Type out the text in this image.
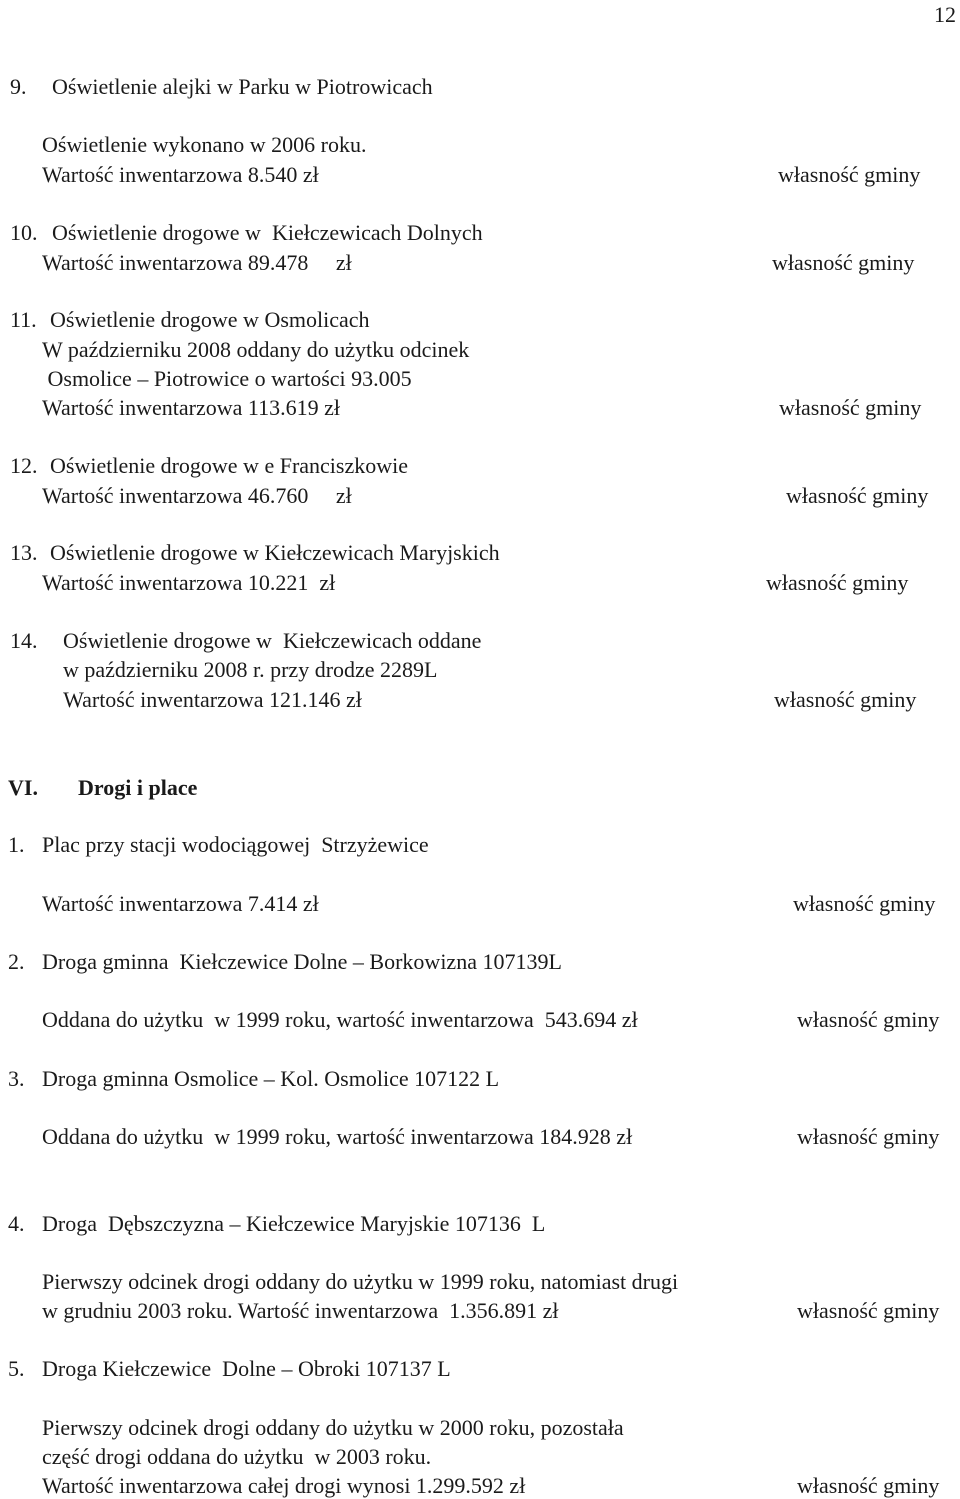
12
9. Oświetlenie alejki w Parku w Piotrowicach
Oświetlenie wykonano w 2006 roku.
Wartość inwentarzowa 8.540 zł	własność gminy
10. Oświetlenie drogowe w  Kiełczewicach Dolnych
Wartość inwentarzowa 89.478     zł	własność gminy
11. Oświetlenie drogowe w Osmolicach
W październiku 2008 oddany do użytku odcinek
Osmolice – Piotrowice o wartości 93.005
Wartość inwentarzowa 113.619 zł	własność gminy
12. Oświetlenie drogowe w e Franciszkowie
Wartość inwentarzowa 46.760     zł	własność gminy
13. Oświetlenie drogowe w Kiełczewicach Maryjskich
Wartość inwentarzowa 10.221  zł	własność gminy
14. Oświetlenie drogowe w  Kiełczewicach oddane
w październiku 2008 r. przy drodze 2289L
Wartość inwentarzowa 121.146 zł	własność gminy
VI. Drogi i place
1. Plac przy stacji wodociągowej  Strzyżewice
Wartość inwentarzowa 7.414 zł	własność gminy
2. Droga gminna  Kiełczewice Dolne – Borkowizna 107139L
Oddana do użytku  w 1999 roku, wartość inwentarzowa  543.694 zł	własność gminy
3. Droga gminna Osmolice – Kol. Osmolice 107122 L
Oddana do użytku  w 1999 roku, wartość inwentarzowa 184.928 zł	własność gminy
4. Droga  Dębszczyzna – Kiełczewice Maryjskie 107136  L
Pierwszy odcinek drogi oddany do użytku w 1999 roku, natomiast drugi
w grudniu 2003 roku. Wartość inwentarzowa  1.356.891 zł	własność gminy
5. Droga Kiełczewice  Dolne – Obroki 107137 L
Pierwszy odcinek drogi oddany do użytku w 2000 roku, pozostała
część drogi oddana do użytku  w 2003 roku.
Wartość inwentarzowa całej drogi wynosi 1.299.592 zł	własność gminy
